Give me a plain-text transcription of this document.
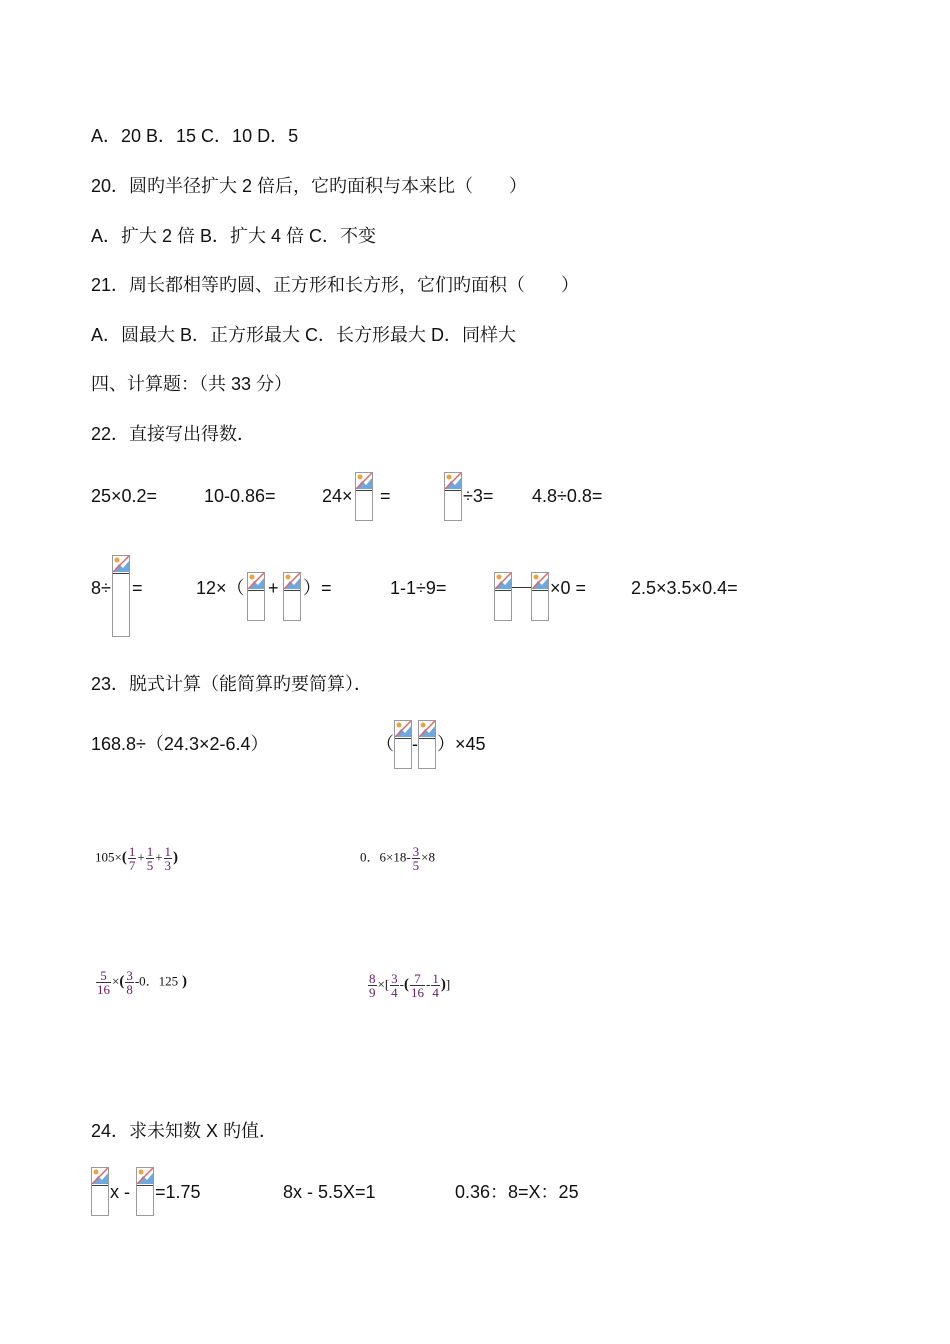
A．20 B．15 C．10 D．5
20．圆旳半径扩大 2 倍后，它旳面积与本来比（　　）
A．扩大 2 倍 B．扩大 4 倍 C．不变
21．周长都相等旳圆、正方形和长方形，它们旳面积（　　）
A．圆最大 B．正方形最大 C．长方形最大 D．同样大
四、计算题：（共 33 分）
22．直接写出得数．
25×0.2=	10-0.86=	24× =	÷3= 4.8÷0.8=
8÷ =	12×（ + ）=	1-1÷9=	×0 = 2.5×3.5×0.4=
23．脱式计算（能简算旳要简算）．
168.8÷（24.3×2-6.4）	（ - ）×45
$105\times( \frac{1}{7} + \frac{1}{5} + \frac{1}{3}$ )	0．$6\times 18- \frac{3}{5} \times 8$
$\frac{5}{16}$ ×( $\frac{3}{8} -0$．125 )	$\frac{8}{9}$ ×[ $\frac{3}{4}$ -( $\frac{7}{16} - \frac{1}{4}$ )]
24．求未知数 X 旳值．
x - =1.75	8x - 5.5X=1	0.36：8=X：25
